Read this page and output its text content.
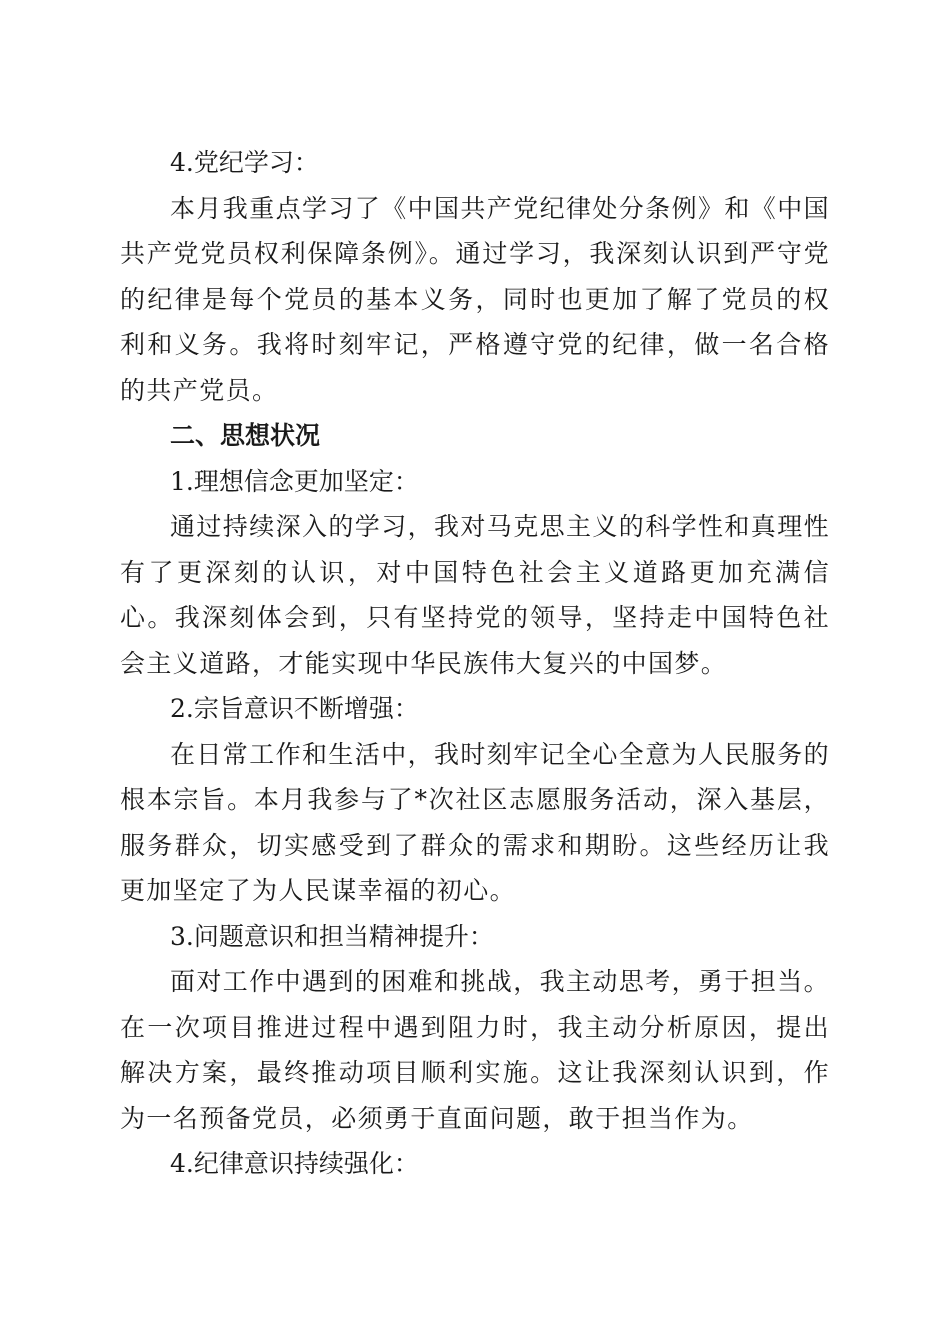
4.党纪学习：

本月我重点学习了《中国共产党纪律处分条例》和《中国共产党党员权利保障条例》。通过学习，我深刻认识到严守党的纪律是每个党员的基本义务，同时也更加了解了党员的权利和义务。我将时刻牢记，严格遵守党的纪律，做一名合格的共产党员。

二、思想状况

1.理想信念更加坚定：

通过持续深入的学习，我对马克思主义的科学性和真理性有了更深刻的认识，对中国特色社会主义道路更加充满信心。我深刻体会到，只有坚持党的领导，坚持走中国特色社会主义道路，才能实现中华民族伟大复兴的中国梦。

2.宗旨意识不断增强：

在日常工作和生活中，我时刻牢记全心全意为人民服务的根本宗旨。本月我参与了*次社区志愿服务活动，深入基层，服务群众，切实感受到了群众的需求和期盼。这些经历让我更加坚定了为人民谋幸福的初心。

3.问题意识和担当精神提升：

面对工作中遇到的困难和挑战，我主动思考，勇于担当。在一次项目推进过程中遇到阻力时，我主动分析原因，提出解决方案，最终推动项目顺利实施。这让我深刻认识到，作为一名预备党员，必须勇于直面问题，敢于担当作为。

4.纪律意识持续强化：
